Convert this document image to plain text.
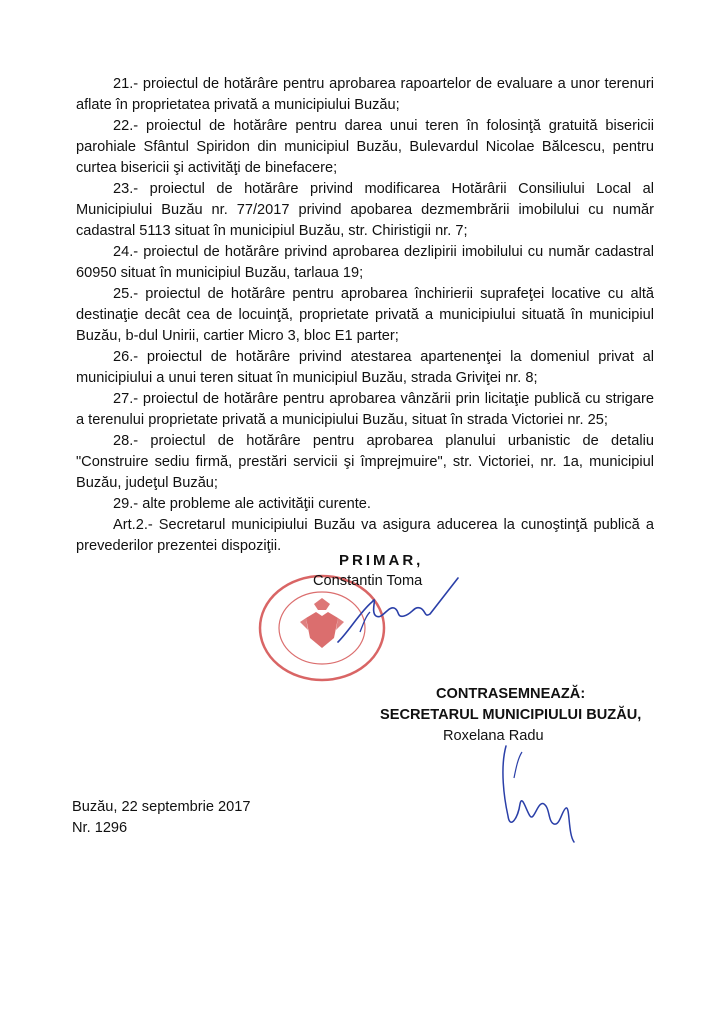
21.- proiectul de hotărâre pentru aprobarea rapoartelor de evaluare a unor terenuri aflate în proprietatea privată a municipiului Buzău;

22.- proiectul de hotărâre pentru darea unui teren în folosinţă gratuită bisericii parohiale Sfântul Spiridon din municipiul Buzău, Bulevardul Nicolae Bălcescu, pentru curtea bisericii şi activităţi de binefacere;

23.- proiectul de hotărâre privind modificarea Hotărârii Consiliului Local al Municipiului Buzău nr. 77/2017 privind apobarea dezmembrării imobilului cu număr cadastral 5113 situat în municipiul Buzău, str. Chiristigii nr. 7;

24.- proiectul de hotărâre privind aprobarea dezlipirii imobilului cu număr cadastral 60950 situat în municipiul Buzău, tarlaua 19;

25.- proiectul de hotărâre pentru aprobarea închirierii suprafeţei locative cu altă destinaţie decât cea de locuinţă, proprietate privată a municipiului situată în municipiul Buzău, b-dul Unirii, cartier Micro 3, bloc E1 parter;

26.- proiectul de hotărâre privind atestarea apartenenţei la domeniul privat al municipiului a unui teren situat în municipiul Buzău, strada Griviţei nr. 8;

27.- proiectul de hotărâre pentru aprobarea vânzării prin licitaţie publică cu strigare a terenului proprietate privată a municipiului Buzău, situat în strada Victoriei nr. 25;

28.- proiectul de hotărâre pentru aprobarea planului urbanistic de detaliu "Construire sediu firmă, prestări servicii şi împrejmuire", str. Victoriei, nr. 1a, municipiul Buzău, judeţul Buzău;

29.- alte probleme ale activităţii curente.

Art.2.- Secretarul municipiului Buzău va asigura aducerea la cunoştinţă publică a prevederilor prezentei dispoziţii.

PRIMAR,
Constantin Toma
CONTRASEMNEAZĂ:
SECRETARUL MUNICIPIULUI BUZĂU,
Roxelana Radu
Buzău, 22 septembrie 2017
Nr. 1296
